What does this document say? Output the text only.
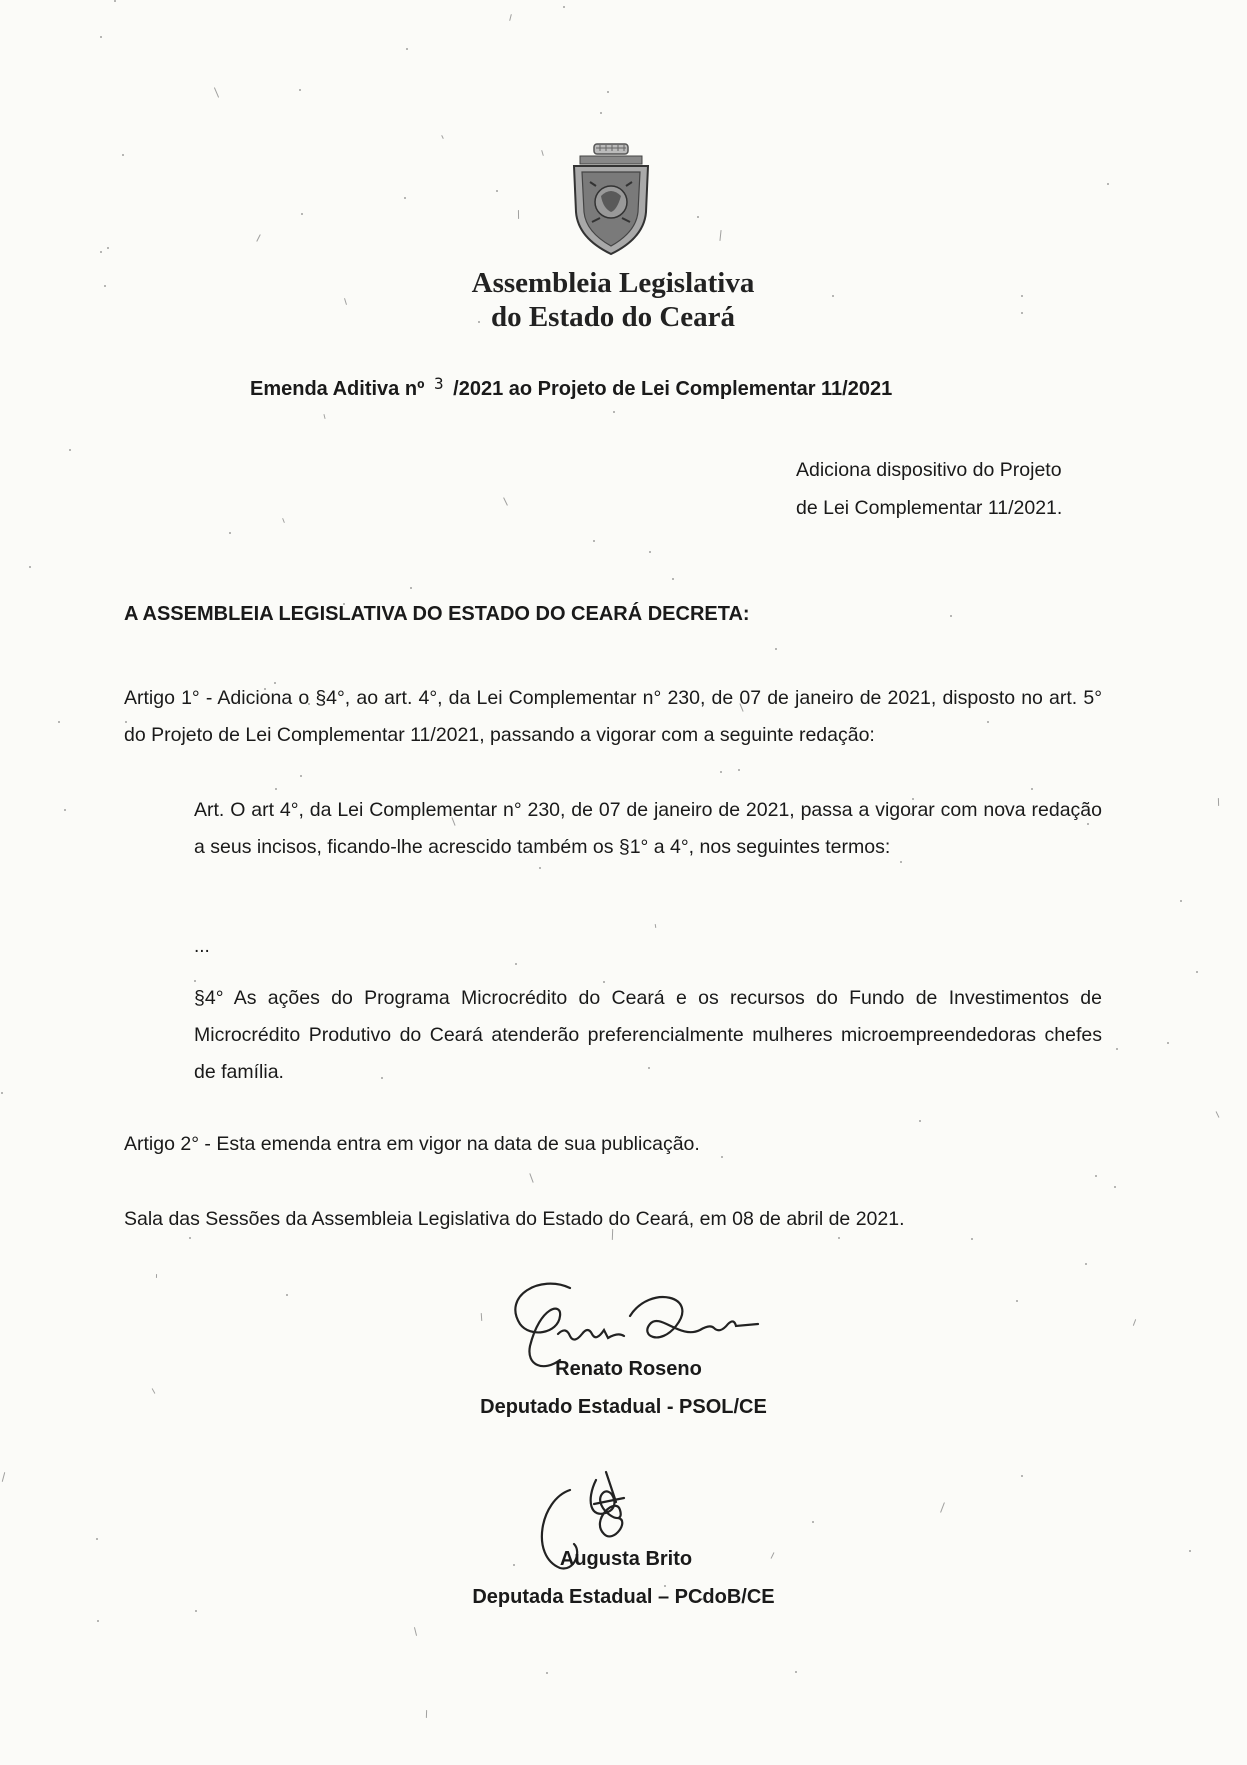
Assembleia Legislativa
do Estado do Ceará
Emenda Aditiva nº 3 /2021 ao Projeto de Lei Complementar 11/2021
Adiciona dispositivo do Projeto
de Lei Complementar 11/2021.
A ASSEMBLEIA LEGISLATIVA DO ESTADO DO CEARÁ DECRETA:

Artigo 1° - Adiciona o §4°, ao art. 4°, da Lei Complementar n° 230, de 07 de janeiro de 2021, disposto no art. 5° do Projeto de Lei Complementar 11/2021, passando a vigorar com a seguinte redação:

Art. O art 4°, da Lei Complementar n° 230, de 07 de janeiro de 2021, passa a vigorar com nova redação a seus incisos, ficando-lhe acrescido também os §1° a 4°, nos seguintes termos:

...

§4° As ações do Programa Microcrédito do Ceará e os recursos do Fundo de Investimentos de Microcrédito Produtivo do Ceará atenderão preferencialmente mulheres microempreendedoras chefes de família.

Artigo 2° - Esta emenda entra em vigor na data de sua publicação.
Sala das Sessões da Assembleia Legislativa do Estado do Ceará, em 08 de abril de 2021.
Renato Roseno
Deputado Estadual - PSOL/CE
Augusta Brito
Deputada Estadual – PCdoB/CE
